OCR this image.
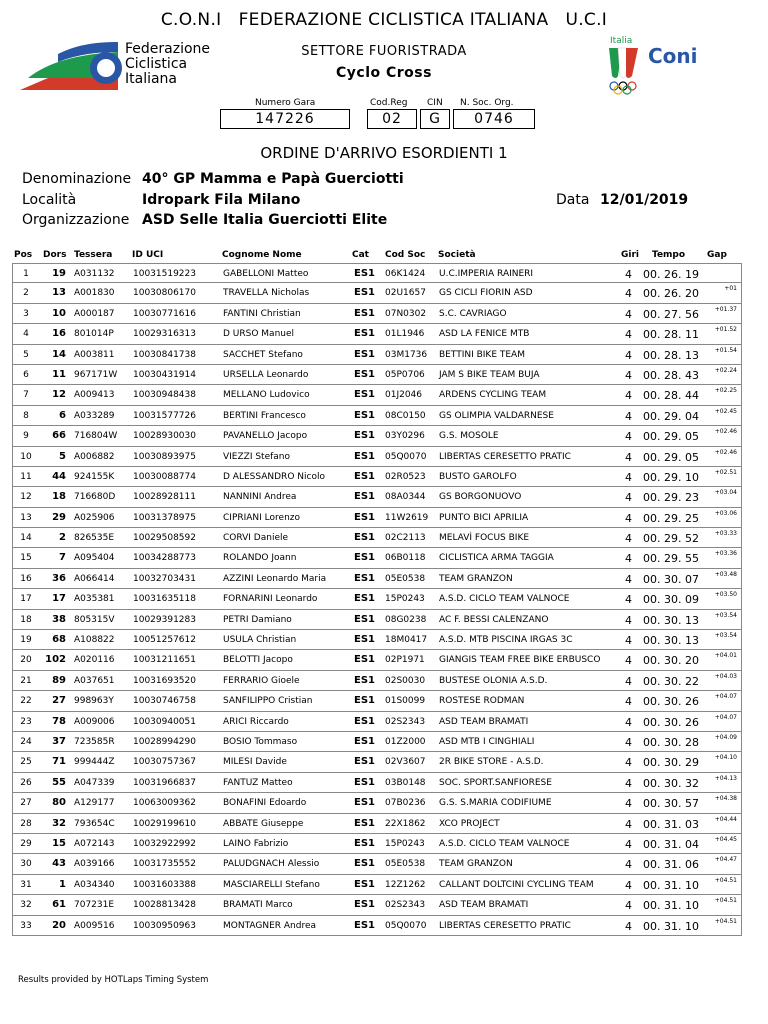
C.O.N.I   FEDERAZIONE CICLISTICA ITALIANA   U.C.I
Federazione
Ciclistica
Italiana
SETTORE FUORISTRADA
Cyclo Cross
Italia
Coni
Numero Gara	Cod.Reg CIN N. Soc. Org.
147226	02	G	0746
ORDINE D'ARRIVO ESORDIENTI 1
Denominazione 40° GP Mamma e Papà Guerciotti
Località	Idropark Fila Milano	Data 12/01/2019
Organizzazione ASD Selle Italia Guerciotti Elite
Pos Dors Tessera ID UCI	Cognome Nome	Cat Cod Soc Società	Giri Tempo Gap
1	19 A031132 10031519223	GABELLONI Matteo	ES1 06K1424 U.C.IMPERIA RAINERI	4 00. 26. 19
2	13 A001830 10030806170	TRAVELLA Nicholas	ES1 02U1657 GS CICLI FIORIN ASD	4 00. 26. 20	+01
3	10 A000187 10030771616	FANTINI Christian	ES1 07N0302 S.C. CAVRIAGO	4 00. 27. 56	+01.37
4	16 801014P 10029316313	D URSO Manuel	ES1 01L1946 ASD LA FENICE MTB	4 00. 28. 11	+01.52
5	14 A003811 10030841738	SACCHET Stefano	ES1 03M1736 BETTINI BIKE TEAM	4 00. 28. 13	+01.54
6	11 967171W 10030431914	URSELLA Leonardo	ES1 05P0706 JAM S BIKE TEAM BUJA	4 00. 28. 43	+02.24
7	12 A009413 10030948438	MELLANO Ludovico	ES1 01J2046 ARDENS CYCLING TEAM	4 00. 28. 44	+02.25
8	6 A033289 10031577726	BERTINI Francesco	ES1 08C0150 GS OLIMPIA VALDARNESE	4 00. 29. 04	+02.45
9	66 716804W 10028930030	PAVANELLO Jacopo	ES1 03Y0296 G.S. MOSOLE	4 00. 29. 05	+02.46
10	5 A006882 10030893975	VIEZZI Stefano	ES1 05Q0070 LIBERTAS CERESETTO PRATIC	4 00. 29. 05	+02.46
11	44 924155K 10030088774	D ALESSANDRO Nicolo	ES1 02R0523 BUSTO GAROLFO	4 00. 29. 10	+02.51
12	18 716680D 10028928111	NANNINI Andrea	ES1 08A0344 GS BORGONUOVO	4 00. 29. 23	+03.04
13	29 A025906 10031378975	CIPRIANI Lorenzo	ES1 11W2619 PUNTO BICI APRILIA	4 00. 29. 25	+03.06
14	2 826535E 10029508592	CORVI Daniele	ES1 02C2113 MELAVÌ FOCUS BIKE	4 00. 29. 52	+03.33
15	7 A095404 10034288773	ROLANDO Joann	ES1 06B0118 CICLISTICA ARMA TAGGIA	4 00. 29. 55	+03.36
16	36 A066414 10032703431	AZZINI Leonardo Maria	ES1 05E0538 TEAM GRANZON	4 00. 30. 07	+03.48
17	17 A035381 10031635118	FORNARINI Leonardo	ES1 15P0243 A.S.D. CICLO TEAM VALNOCE	4 00. 30. 09	+03.50
18	38 805315V 10029391283	PETRI Damiano	ES1 08G0238 AC F. BESSI CALENZANO	4 00. 30. 13	+03.54
19	68 A108822 10051257612	USULA Christian	ES1 18M0417 A.S.D. MTB PISCINA IRGAS 3C	4 00. 30. 13	+03.54
20	102 A020116 10031211651	BELOTTI Jacopo	ES1 02P1971 GIANGIS TEAM FREE BIKE ERBUSCO 4 00. 30. 20	+04.01
21	89 A037651 10031693520	FERRARIO Gioele	ES1 02S0030 BUSTESE OLONIA A.S.D.	4 00. 30. 22	+04.03
22	27 998963Y 10030746758	SANFILIPPO Cristian	ES1 01S0099 ROSTESE RODMAN	4 00. 30. 26	+04.07
23	78 A009006 10030940051	ARICI Riccardo	ES1 02S2343 ASD TEAM BRAMATI	4 00. 30. 26	+04.07
24	37 723585R 10028994290	BOSIO Tommaso	ES1 01Z2000 ASD MTB I CINGHIALI	4 00. 30. 28	+04.09
25	71 999444Z 10030757367	MILESI Davide	ES1 02V3607 2R BIKE STORE - A.S.D.	4 00. 30. 29	+04.10
26	55 A047339 10031966837	FANTUZ Matteo	ES1 03B0148 SOC. SPORT.SANFIORESE	4 00. 30. 32	+04.13
27	80 A129177 10063009362	BONAFINI Edoardo	ES1 07B0236 G.S. S.MARIA CODIFIUME	4 00. 30. 57	+04.38
28	32 793654C 10029199610	ABBATE Giuseppe	ES1 22X1862 XCO PROJECT	4 00. 31. 03	+04.44
29	15 A072143 10032922992	LAINO Fabrizio	ES1 15P0243 A.S.D. CICLO TEAM VALNOCE	4 00. 31. 04	+04.45
30	43 A039166 10031735552	PALUDGNACH Alessio	ES1 05E0538 TEAM GRANZON	4 00. 31. 06	+04.47
31	1 A034340 10031603388	MASCIARELLI Stefano	ES1 12Z1262 CALLANT DOLTCINI CYCLING TEAM	4 00. 31. 10	+04.51
32	61 707231E 10028813428	BRAMATI Marco	ES1 02S2343 ASD TEAM BRAMATI	4 00. 31. 10	+04.51
33	20 A009516 10030950963	MONTAGNER Andrea	ES1 05Q0070 LIBERTAS CERESETTO PRATIC	4 00. 31. 10	+04.51
Results provided by HOTLaps Timing System
